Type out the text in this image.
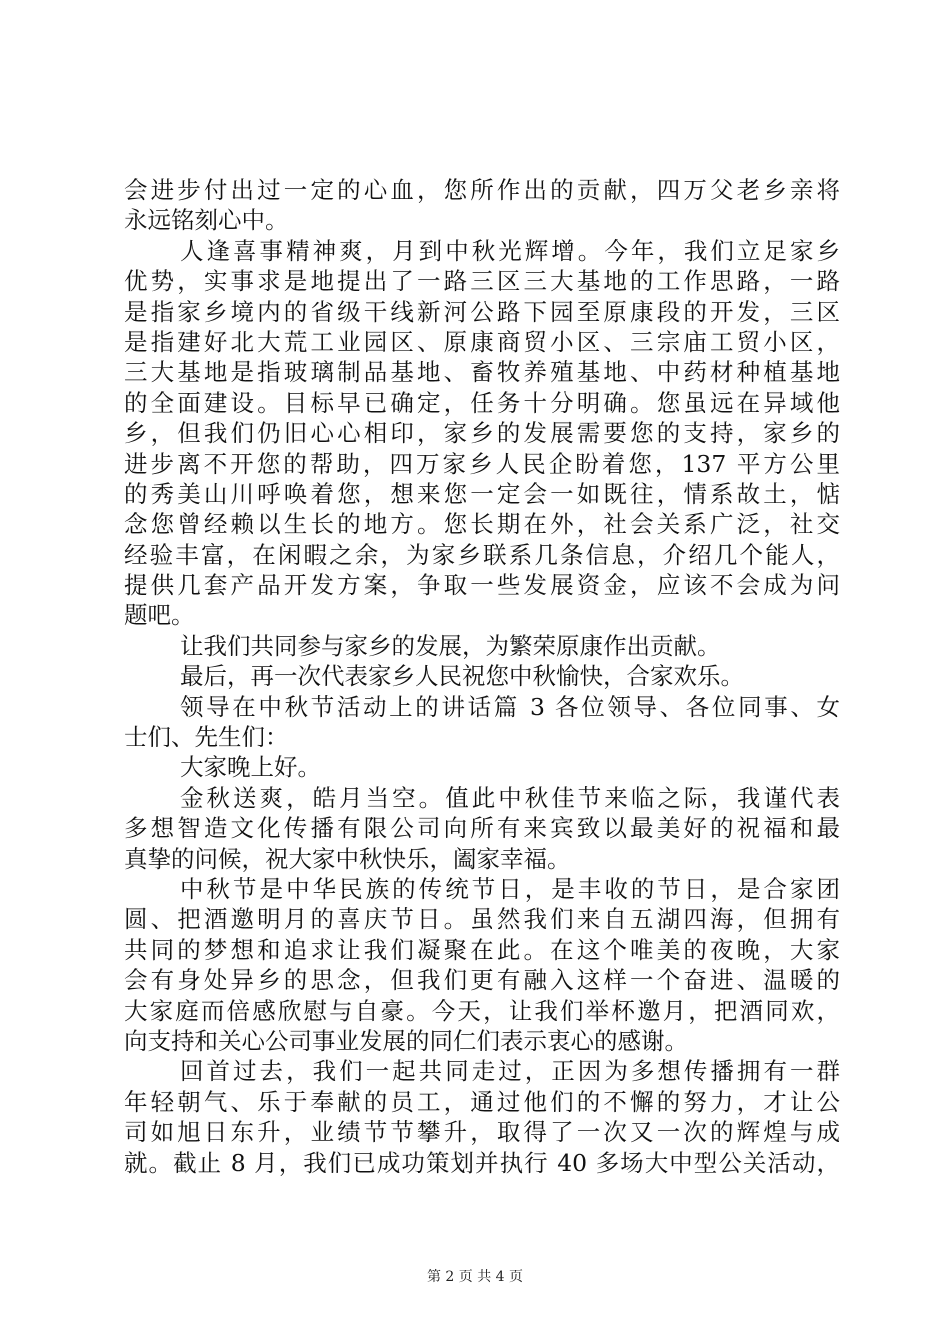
会进步付出过一定的心血，您所作出的贡献，四万父老乡亲将
永远铭刻心中。
人逢喜事精神爽，月到中秋光辉增。今年，我们立足家乡
优势，实事求是地提出了一路三区三大基地的工作思路，一路
是指家乡境内的省级干线新河公路下园至原康段的开发，三区
是指建好北大荒工业园区、原康商贸小区、三宗庙工贸小区，
三大基地是指玻璃制品基地、畜牧养殖基地、中药材种植基地
的全面建设。目标早已确定，任务十分明确。您虽远在异域他
乡，但我们仍旧心心相印，家乡的发展需要您的支持，家乡的
进步离不开您的帮助，四万家乡人民企盼着您，137 平方公里
的秀美山川呼唤着您，想来您一定会一如既往，情系故土，惦
念您曾经赖以生长的地方。您长期在外，社会关系广泛，社交
经验丰富，在闲暇之余，为家乡联系几条信息，介绍几个能人，
提供几套产品开发方案，争取一些发展资金，应该不会成为问
题吧。
让我们共同参与家乡的发展，为繁荣原康作出贡献。
最后，再一次代表家乡人民祝您中秋愉快，合家欢乐。
领导在中秋节活动上的讲话篇 3 各位领导、各位同事、女
士们、先生们：
大家晚上好。
金秋送爽，皓月当空。值此中秋佳节来临之际，我谨代表
多想智造文化传播有限公司向所有来宾致以最美好的祝福和最
真挚的问候，祝大家中秋快乐，阖家幸福。
中秋节是中华民族的传统节日，是丰收的节日，是合家团
圆、把酒邀明月的喜庆节日。虽然我们来自五湖四海，但拥有
共同的梦想和追求让我们凝聚在此。在这个唯美的夜晚，大家
会有身处异乡的思念，但我们更有融入这样一个奋进、温暖的
大家庭而倍感欣慰与自豪。今天，让我们举杯邀月，把酒同欢，
向支持和关心公司事业发展的同仁们表示衷心的感谢。
回首过去，我们一起共同走过，正因为多想传播拥有一群
年轻朝气、乐于奉献的员工，通过他们的不懈的努力，才让公
司如旭日东升，业绩节节攀升，取得了一次又一次的辉煌与成
就。截止 8 月，我们已成功策划并执行 40 多场大中型公关活动，
第 2 页 共 4 页
